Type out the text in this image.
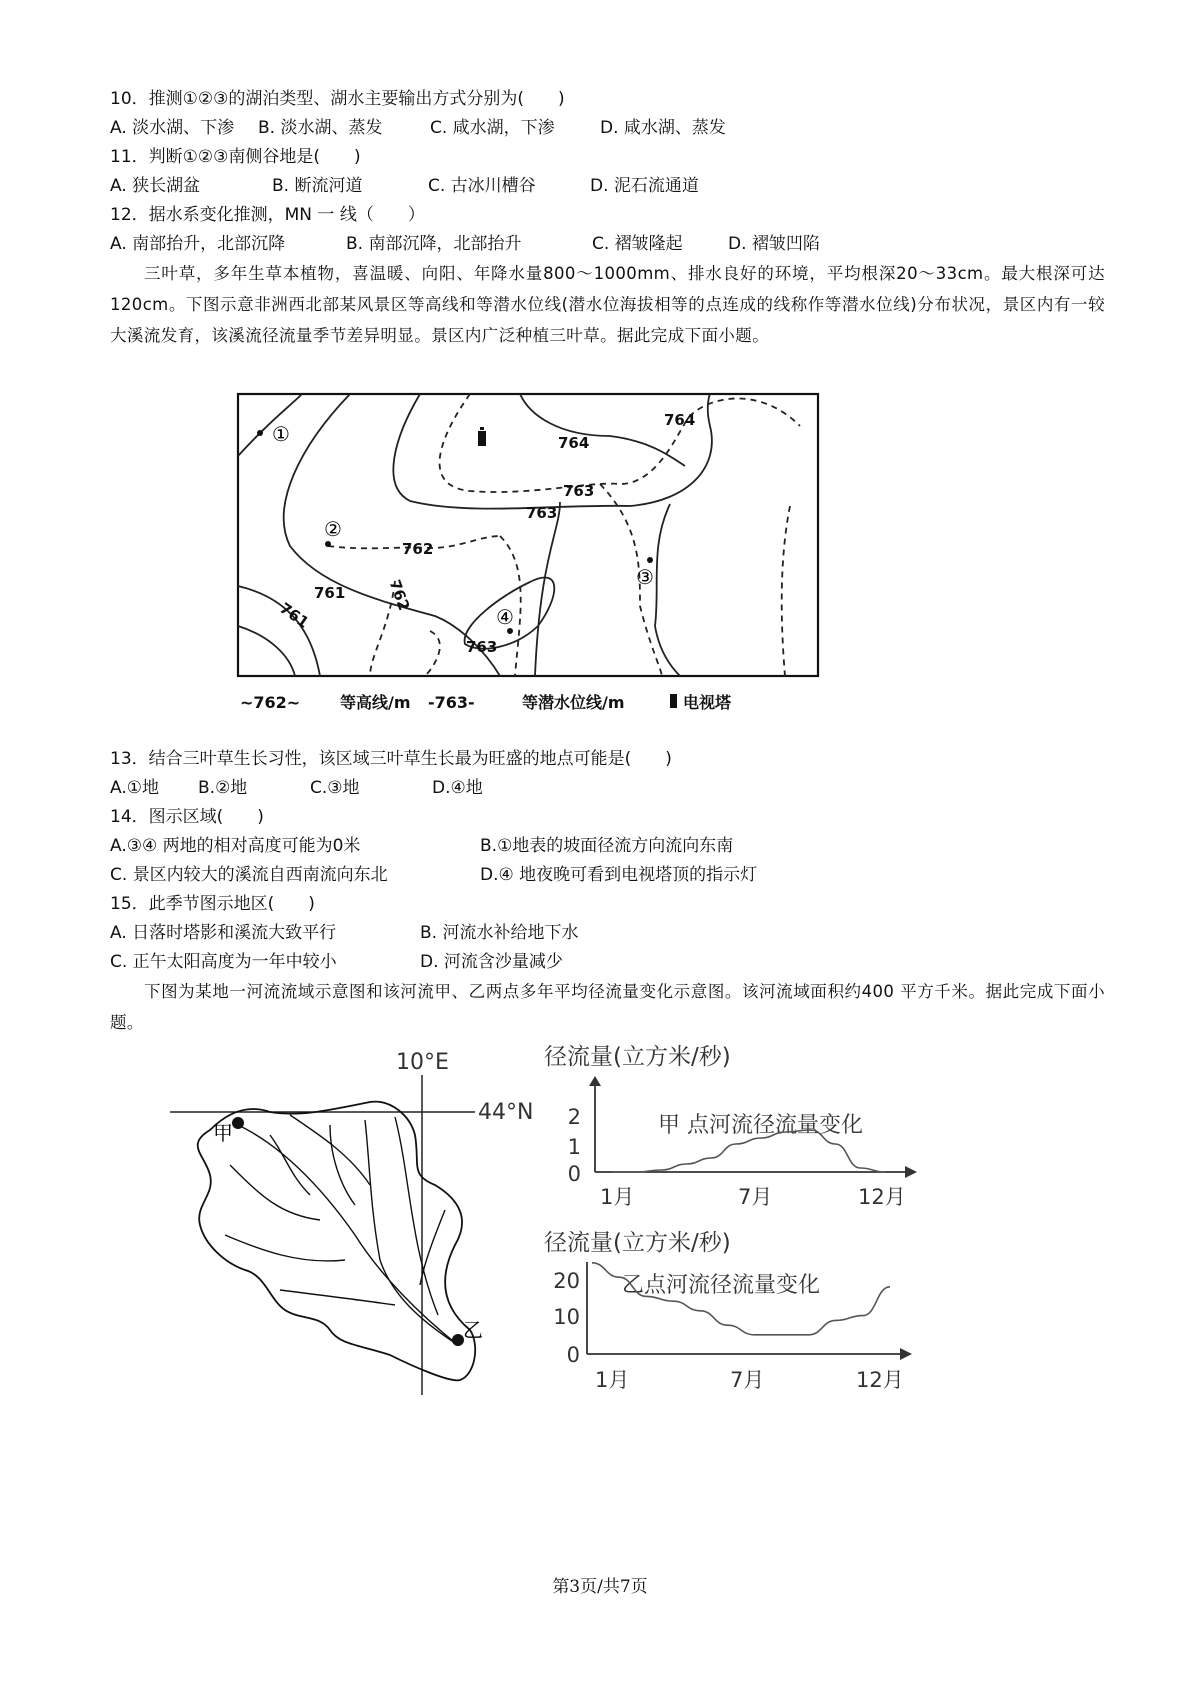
10．推测①②③的湖泊类型、湖水主要输出方式分别为(　　)
A. 淡水湖、下渗 B. 淡水湖、蒸发	C. 咸水湖，下渗	D. 咸水湖、蒸发
11．判断①②③南侧谷地是(　　)
A. 狭长湖盆	B. 断流河道	C. 古冰川槽谷	D. 泥石流通道
12．据水系变化推测，MN 一 线（　　）
A. 南部抬升，北部沉降	B. 南部沉降，北部抬升	C. 褶皱隆起	D. 褶皱凹陷
三叶草，多年生草本植物，喜温暖、向阳、年降水量800～1000mm、排水良好的环境，平均根深20～33cm。最大根深可达120cm。下图示意非洲西北部某风景区等高线和等潜水位线(潜水位海拔相等的点连成的线称作等潜水位线)分布状况，景区内有一较大溪流发育，该溪流径流量季节差异明显。景区内广泛种植三叶草。据此完成下面小题。
764
763
762
761
763
764
763
762
761
①
②
③
④
~762~ 等高线/m -763-	等潜水位线/m	电视塔
13．结合三叶草生长习性，该区域三叶草生长最为旺盛的地点可能是(　　)
A.①地 B.②地	C.③地	D.④地
14．图示区域(　　)
A.③④ 两地的相对高度可能为0米	B.①地表的坡面径流方向流向东南
C. 景区内较大的溪流自西南流向东北	D.④ 地夜晚可看到电视塔顶的指示灯
15．此季节图示地区(　　)
A. 日落时塔影和溪流大致平行	B. 河流水补给地下水
C. 正午太阳高度为一年中较小	D. 河流含沙量减少
下图为某地一河流流域示意图和该河流甲、乙两点多年平均径流量变化示意图。该河流域面积约400 平方千米。据此完成下面小题。
10°E
44°N
甲
乙
径流量(立方米/秒)
甲 点河流径流量变化
2
1
0
1月	7月	12月
径流量(立方米/秒)
乙点河流径流量变化
20
10
0
1月	7月	12月
第3页/共7页
